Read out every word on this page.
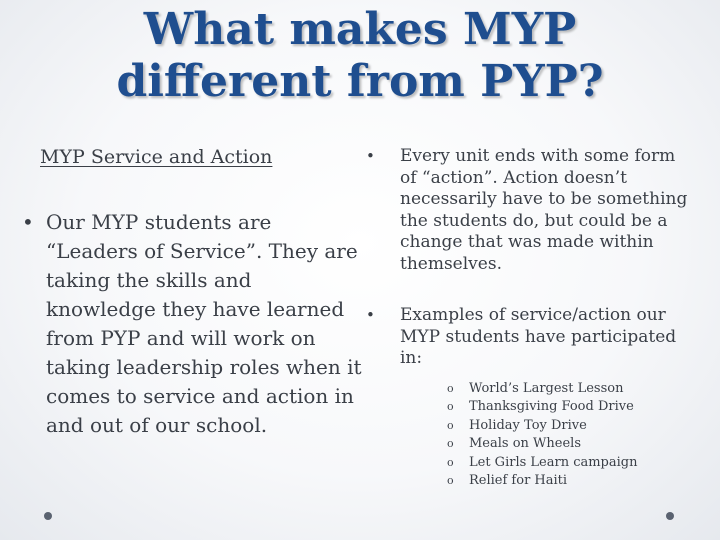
What makes MYP
different from PYP?
MYP Service and Action
• Our MYP students are “Leaders of Service”. They are taking the skills and knowledge they have learned from PYP and will work on taking leadership roles when it comes to service and action in and out of our school.
• Every unit ends with some form of “action”. Action doesn’t necessarily have to be something the students do, but could be a change that was made within themselves.
• Examples of service/action our MYP students have participated in:
o World’s Largest Lesson
o Thanksgiving Food Drive
o Holiday Toy Drive
o Meals on Wheels
o Let Girls Learn campaign
o Relief for Haiti
